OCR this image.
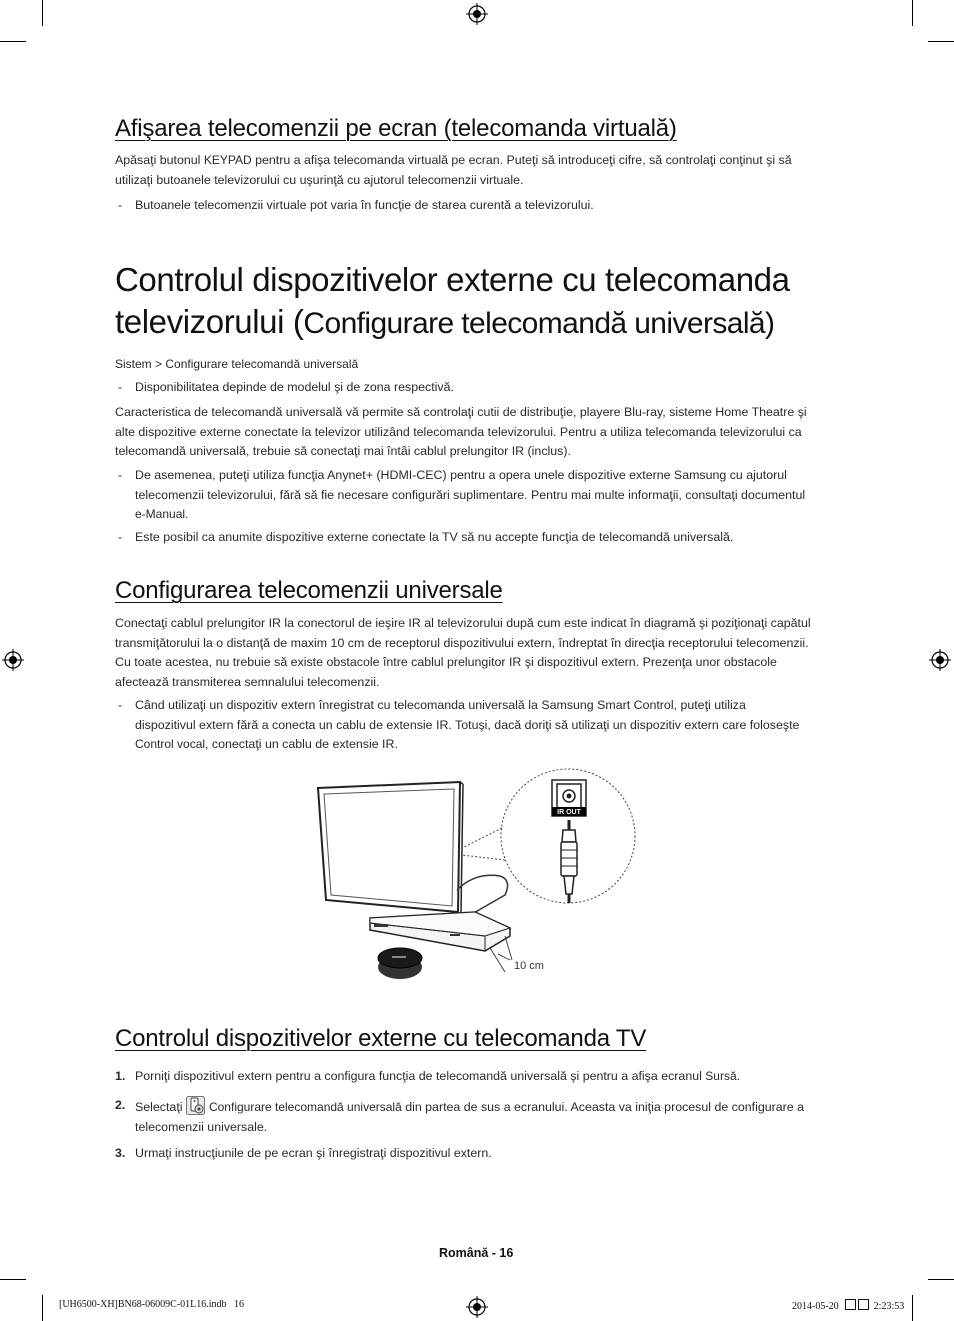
Afişarea telecomenzii pe ecran (telecomanda virtuală)
Apăsaţi butonul KEYPAD pentru a afişa telecomanda virtuală pe ecran. Puteţi să introduceţi cifre, să controlaţi conţinut şi să
utilizaţi butoanele televizorului cu uşurinţă cu ajutorul telecomenzii virtuale.
- Butoanele telecomenzii virtuale pot varia în funcţie de starea curentă a televizorului.
Controlul dispozitivelor externe cu telecomanda
televizorului (Configurare telecomandă universală)
Sistem > Configurare telecomandă universală
- Disponibilitatea depinde de modelul şi de zona respectivă.
Caracteristica de telecomandă universală vă permite să controlaţi cutii de distribuţie, playere Blu-ray, sisteme Home Theatre şi
alte dispozitive externe conectate la televizor utilizând telecomanda televizorului. Pentru a utiliza telecomanda televizorului ca
telecomandă universală, trebuie să conectaţi mai întâi cablul prelungitor IR (inclus).
- De asemenea, puteţi utiliza funcţia Anynet+ (HDMI-CEC) pentru a opera unele dispozitive externe Samsung cu ajutorul
telecomenzii televizorului, fără să fie necesare configurări suplimentare. Pentru mai multe informaţii, consultaţi documentul
e-Manual.
- Este posibil ca anumite dispozitive externe conectate la TV să nu accepte funcţia de telecomandă universală.
Configurarea telecomenzii universale
Conectaţi cablul prelungitor IR la conectorul de ieşire IR al televizorului după cum este indicat în diagramă şi poziţionaţi capătul
transmiţătorului la o distanţă de maxim 10 cm de receptorul dispozitivului extern, îndreptat în direcţia receptorului telecomenzii.
Cu toate acestea, nu trebuie să existe obstacole între cablul prelungitor IR şi dispozitivul extern. Prezenţa unor obstacole
afectează transmiterea semnalului telecomenzii.
- Când utilizaţi un dispozitiv extern înregistrat cu telecomanda universală la Samsung Smart Control, puteţi utiliza
dispozitivul extern fără a conecta un cablu de extensie IR. Totuşi, dacă doriţi să utilizaţi un dispozitiv extern care foloseşte
Control vocal, conectaţi un cablu de extensie IR.
IR OUT
10 cm
Controlul dispozitivelor externe cu telecomanda TV
1. Porniţi dispozitivul extern pentru a configura funcţia de telecomandă universală şi pentru a afişa ecranul Sursă.
2. Selectaţi Configurare telecomandă universală din partea de sus a ecranului. Aceasta va iniţia procesul de configurare a
telecomenzii universale.
3. Urmaţi instrucţiunile de pe ecran şi înregistraţi dispozitivul extern.
Română - 16
[UH6500-XH]BN68-06009C-01L16.indb   16	2014-05-20	2:23:53
